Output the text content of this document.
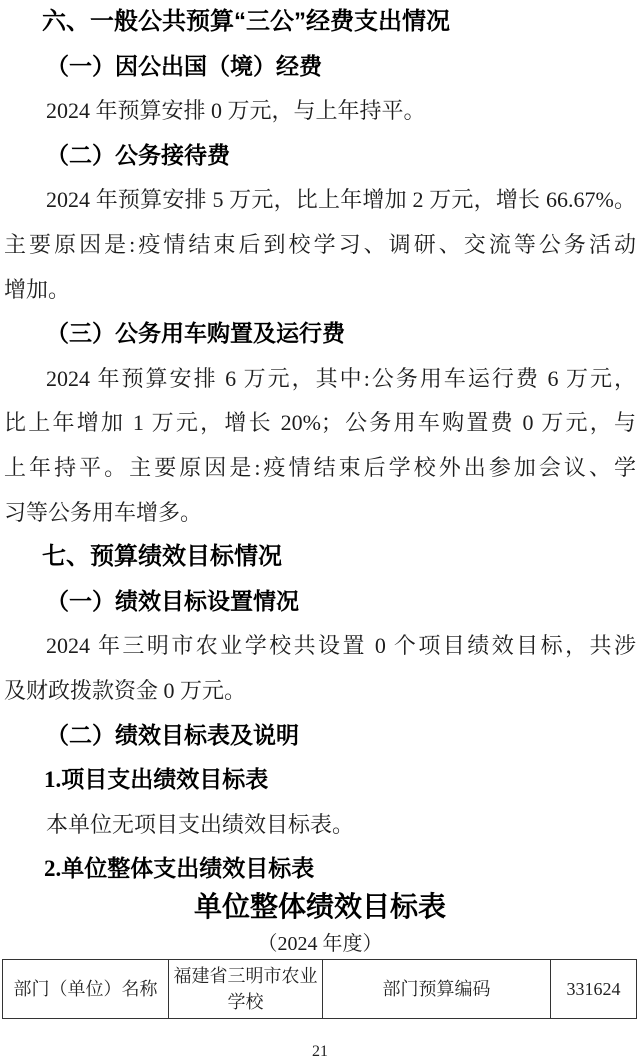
六、一般公共预算“三公”经费支出情况
（一）因公出国（境）经费
2024 年预算安排 0 万元，与上年持平。
（二）公务接待费
2024 年预算安排 5 万元，比上年增加 2 万元，增长 66.67%。
主要原因是:疫情结束后到校学习、调研、交流等公务活动
增加。
（三）公务用车购置及运行费
2024 年预算安排 6 万元，其中:公务用车运行费 6 万元，
比上年增加 1 万元，增长 20%；公务用车购置费 0 万元，与
上年持平。主要原因是:疫情结束后学校外出参加会议、学
习等公务用车增多。
七、预算绩效目标情况
（一）绩效目标设置情况
2024 年三明市农业学校共设置 0 个项目绩效目标，共涉
及财政拨款资金 0 万元。
（二）绩效目标表及说明
1.项目支出绩效目标表
本单位无项目支出绩效目标表。
2.单位整体支出绩效目标表
单位整体绩效目标表
（2024 年度）
部门（单位）名称	福建省三明市农业学校	部门预算编码	331624
21
